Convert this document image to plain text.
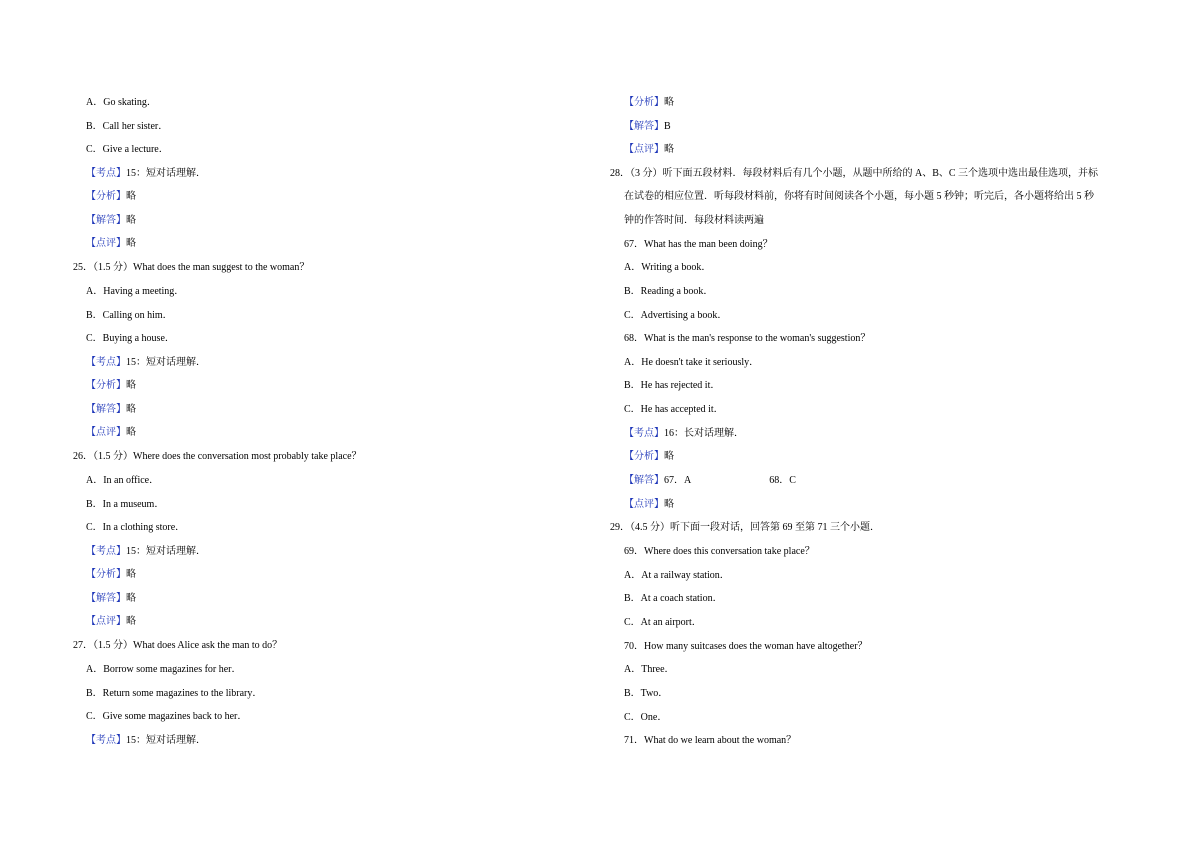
A．Go skating．
B．Call her sister．
C．Give a lecture．
【考点】15：短对话理解．
【分析】略
【解答】略
【点评】略
25．（1.5 分）What does the man suggest to the woman？
A．Having a meeting．
B．Calling on him．
C．Buying a house．
【考点】15：短对话理解．
【分析】略
【解答】略
【点评】略
26．（1.5 分）Where does the conversation most probably take place？
A．In an office．
B．In a museum．
C．In a clothing store．
【考点】15：短对话理解．
【分析】略
【解答】略
【点评】略
27．（1.5 分）What does Alice ask the man to do？
A．Borrow some magazines for her．
B．Return some magazines to the library．
C．Give some magazines back to her．
【考点】15：短对话理解．
【分析】略
【解答】B
【点评】略
28．（3 分）听下面五段材料．每段材料后有几个小题，从题中所给的 A、B、C 三个选项中选出最佳选项，并标
在试卷的相应位置．听每段材料前，你将有时间阅读各个小题，每小题 5 秒钟；听完后，各小题将给出 5 秒
钟的作答时间．每段材料读两遍
67．What has the man been doing？
A．Writing a book．
B．Reading a book．
C．Advertising a book．
68．What is the man's response to the woman's suggestion？
A．He doesn't take it seriously．
B．He has rejected it．
C．He has accepted it．
【考点】16：长对话理解．
【分析】略
【解答】67．A	68．C
【点评】略
29．（4.5 分）听下面一段对话，回答第 69 至第 71 三个小题．
69．Where does this conversation take place？
A．At a railway station．
B．At a coach station．
C．At an airport．
70．How many suitcases does the woman have altogether？
A．Three．
B．Two．
C．One．
71．What do we learn about the woman？
